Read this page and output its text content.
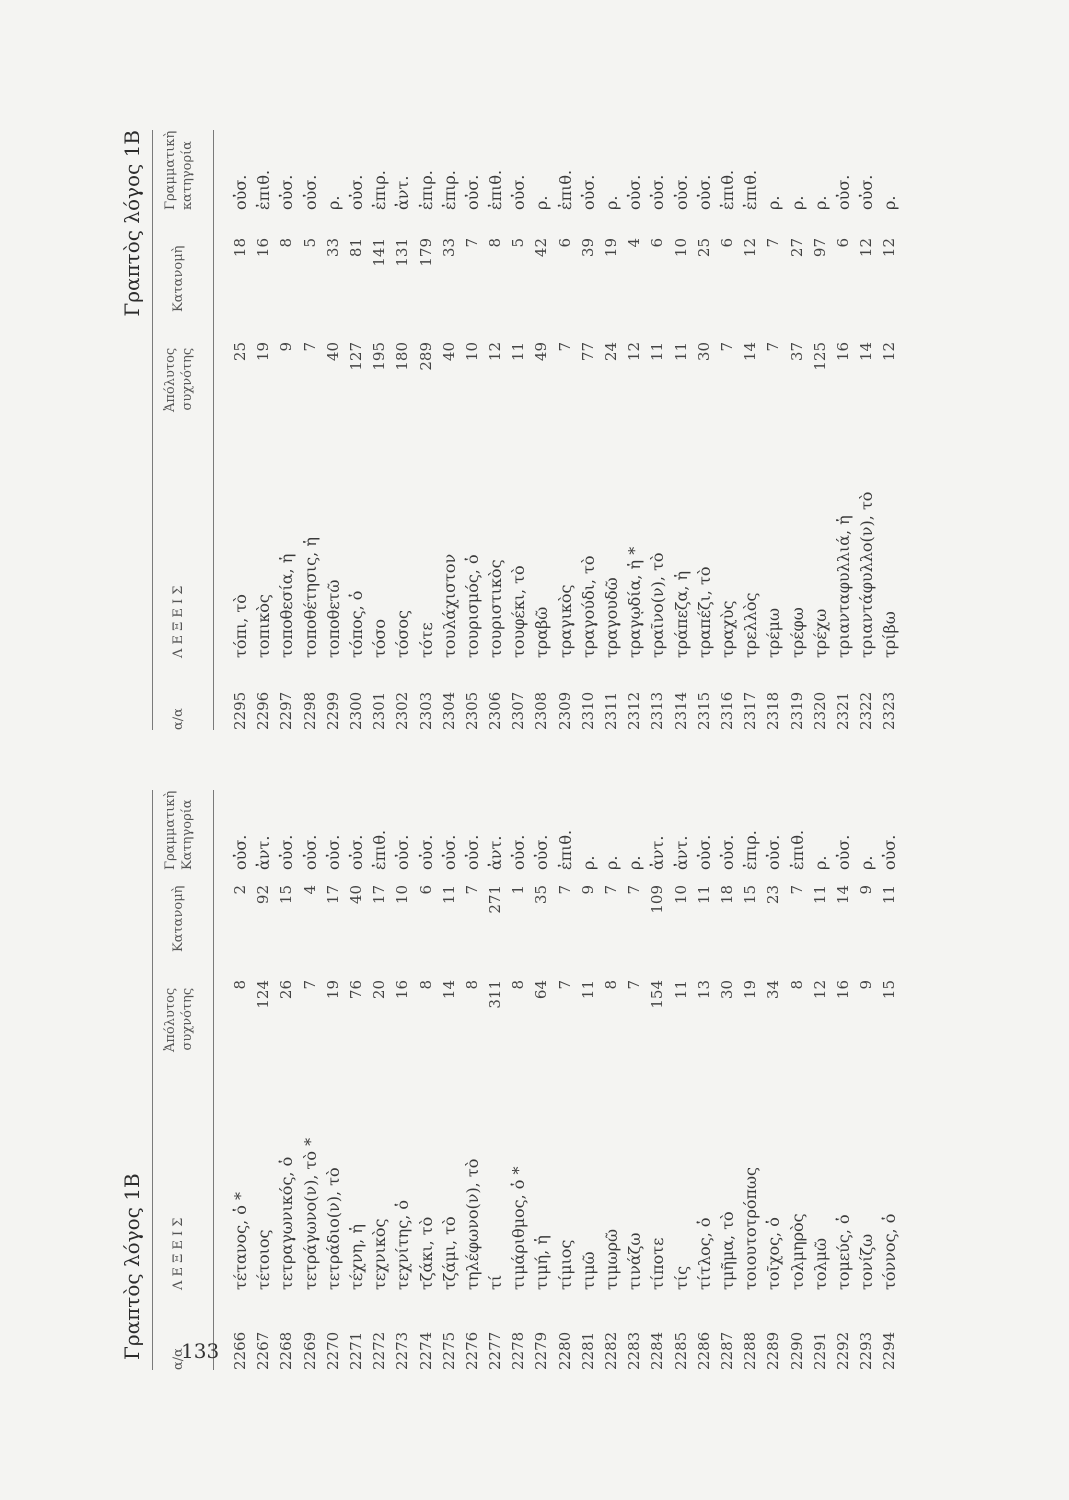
Γραπτὸς λόγος 1Β α/α
Λ Ε Ξ Ε Ι Σ
Ἀπόλυτος συχνότης
Κατανομὴ
Γραμματικὴ Κατηγορία
2266
τέτανος, ὁ *
8
2
οὐσ.
2267
τέτοιος
124
92
ἀντ.
2268
τετραγωνικός, ὁ
26
15
οὐσ.
2269
τετράγωνο(ν), τὸ *
7
4
οὐσ.
2270
τετράδιο(ν), τὸ
19
17
οὐσ.
2271
τέχνη, ἡ
76
40
οὐσ.
2272
τεχνικὸς
20
17
ἐπιθ.
2273
τεχνίτης, ὁ
16
10
οὐσ.
2274
τζάκι, τὸ
8
6
οὐσ.
2275
τζάμι, τὸ
14
11
οὐσ.
2276
τηλέφωνο(ν), τὸ
8
7
οὐσ.
2277
τί
311
271
ἀντ.
2278
τιμάριθμος, ὁ *
8
1
οὐσ.
2279
τιμή, ἡ
64
35
οὐσ.
2280
τίμιος
7
7
ἐπιθ.
2281
τιμῶ
11
9
ρ.
2282
τιμωρῶ
8
7
ρ.
2283
τινάζω
7
7
ρ.
2284
τίποτε
154
109
ἀντ.
2285
τίς
11
10
ἀντ.
2286
τίτλος, ὁ
13
11
οὐσ.
2287
τμῆμα, τὸ
30
18
οὐσ.
2288
τοιουτοτρόπως
19
15
ἐπιρ.
2289
τοῖχος, ὁ
34
23
οὐσ.
2290
τολμηρὸς
8
7
ἐπιθ.
2291
τολμῶ
12
11
ρ.
2292
τομεύς, ὁ
16
14
οὐσ.
2293
τονίζω
9
9
ρ.
2294
τόννος, ὁ
15
11
οὐσ.
Γραπτὸς λόγος 1Β
α/α
Λ Ε Ξ Ε Ι Σ
Ἀπόλυτος συχνότης
Κατανομὴ
Γραμματικὴ κατηγορία
2295
τόπι, τὸ
25
18
οὐσ.
2296
τοπικὸς
19
16
ἐπιθ.
2297
τοποθεσία, ἡ
9
8
οὐσ.
2298
τοποθέτησις, ἡ
7
5
οὐσ.
2299
τοποθετῶ
40
33
ρ.
2300
τόπος, ὁ
127
81
οὐσ.
2301
τόσο
195
141
ἐπιρ.
2302
τόσος
180
131
ἀντ.
2303
τότε
289
179
ἐπιρ.
2304
τουλάχιστον
40
33
ἐπιρ.
2305
τουρισμός, ὁ
10
7
οὐσ.
2306
τουριστικὸς
12
8
ἐπιθ.
2307
τουφέκι, τὸ
11
5
οὐσ.
2308
τραβῶ
49
42
ρ.
2309
τραγικὸς
7
6
ἐπιθ.
2310
τραγούδι, τὸ
77
39
οὐσ.
2311
τραγουδῶ
24
19
ρ.
2312
τραγῳδία, ἡ *
12
4
οὐσ.
2313
τραῖνο(ν), τὸ
11
6
οὐσ.
2314
τράπεζα, ἡ
11
10
οὐσ.
2315
τραπέζι, τὸ
30
25
οὐσ.
2316
τραχὺς
7
6
ἐπιθ.
2317
τρελλὸς
14
12
ἐπιθ.
2318
τρέμω
7
7
ρ.
2319
τρέφω
37
27
ρ.
2320
τρέχω
125
97
ρ.
2321
τριανταφυλλιά, ἡ
16
6
οὐσ.
2322
τριαντάφυλλο(ν), τὸ
14
12
οὐσ.
2323
τρίβω
12
12
ρ.
133
